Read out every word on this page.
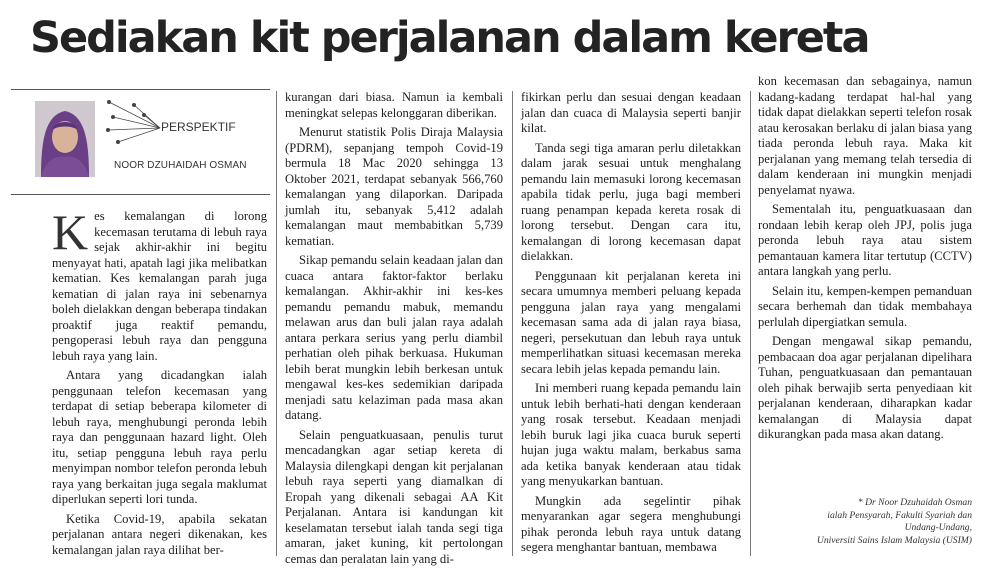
Sediakan kit perjalanan dalam kereta
PERSPEKTIF
NOOR DZUHAIDAH OSMAN

Kes kemalangan di lorong kecemasan terutama di lebuh raya sejak akhir-akhir ini begitu menyayat hati, apatah lagi jika melibatkan kematian. Kes kemalangan parah juga kematian di jalan raya ini sebenarnya boleh dielakkan dengan beberapa tindakan proaktif juga reaktif pemandu, pengoperasi lebuh raya dan pengguna lebuh raya yang lain.

Antara yang dicadangkan ialah penggunaan telefon kecemasan yang terdapat di setiap beberapa kilometer di lebuh raya, menghubungi peronda lebih raya dan penggunaan hazard light. Oleh itu, setiap pengguna lebuh raya perlu menyimpan nombor telefon peronda lebuh raya yang berkaitan juga segala maklumat diperlukan seperti lori tunda.

Ketika Covid-19, apabila sekatan perjalanan antara negeri dikenakan, kes kemalangan jalan raya dilihat ber-

kurangan dari biasa. Namun ia kembali meningkat selepas kelonggaran diberikan.

Menurut statistik Polis Diraja Malaysia (PDRM), sepanjang tempoh Covid-19 bermula 18 Mac 2020 sehingga 13 Oktober 2021, terdapat sebanyak 566,760 kemalangan yang dilaporkan. Daripada jumlah itu, sebanyak 5,412 adalah kemalangan maut membabitkan 5,739 kematian.

Sikap pemandu selain keadaan jalan dan cuaca antara faktor-faktor berlaku kemalangan. Akhir-akhir ini kes-kes pemandu pemandu mabuk, memandu melawan arus dan buli jalan raya adalah antara perkara serius yang perlu diambil perhatian oleh pihak berkuasa. Hukuman lebih berat mungkin lebih berkesan untuk mengawal kes-kes sedemikian daripada menjadi satu kelaziman pada masa akan datang.

Selain penguatkuasaan, penulis turut mencadangkan agar setiap kereta di Malaysia dilengkapi dengan kit perjalanan lebuh raya seperti yang diamalkan di Eropah yang dikenali sebagai AA Kit Perjalanan. Antara isi kandungan kit keselamatan tersebut ialah tanda segi tiga amaran, jaket kuning, kit pertolongan cemas dan peralatan lain yang di-

fikirkan perlu dan sesuai dengan keadaan jalan dan cuaca di Malaysia seperti banjir kilat.

Tanda segi tiga amaran perlu diletakkan dalam jarak sesuai untuk menghalang pemandu lain memasuki lorong kecemasan apabila tidak perlu, juga bagi memberi ruang penampan kepada kereta rosak di lorong tersebut. Dengan cara itu, kemalangan di lorong kecemasan dapat dielakkan.

Penggunaan kit perjalanan kereta ini secara umumnya memberi peluang kepada pengguna jalan raya yang mengalami kecemasan sama ada di jalan raya biasa, negeri, persekutuan dan lebuh raya untuk memperlihatkan situasi kecemasan mereka secara lebih jelas kepada pemandu lain.

Ini memberi ruang kepada pemandu lain untuk lebih berhati-hati dengan kenderaan yang rosak tersebut. Keadaan menjadi lebih buruk lagi jika cuaca buruk seperti hujan juga waktu malam, berkabus sama ada ketika banyak kenderaan atau tidak yang menyukarkan bantuan.

Mungkin ada segelintir pihak menyarankan agar segera menghubungi pihak peronda lebuh raya untuk datang segera menghantar bantuan, membawa

kon kecemasan dan sebagainya, namun kadang-kadang terdapat hal-hal yang tidak dapat dielakkan seperti telefon rosak atau kerosakan berlaku di jalan biasa yang tiada peronda lebuh raya. Maka kit perjalanan yang memang telah tersedia di dalam kenderaan ini mungkin menjadi penyelamat nyawa.

Sementalah itu, penguatkuasaan dan rondaan lebih kerap oleh JPJ, polis juga peronda lebuh raya atau sistem pemantauan kamera litar tertutup (CCTV) antara langkah yang perlu.

Selain itu, kempen-kempen pemanduan secara berhemah dan tidak membahaya perlulah dipergiatkan semula.

Dengan mengawal sikap pemandu, pembacaan doa agar perjalanan dipelihara Tuhan, penguatkuasaan dan pemantauan oleh pihak berwajib serta penyediaan kit perjalanan kenderaan, diharapkan kadar kemalangan di Malaysia dapat dikurangkan pada masa akan datang.

* Dr Noor Dzuhaidah Osman
ialah Pensyarah, Fakulti Syariah dan
Undang-Undang,
Universiti Sains Islam Malaysia (USIM)
